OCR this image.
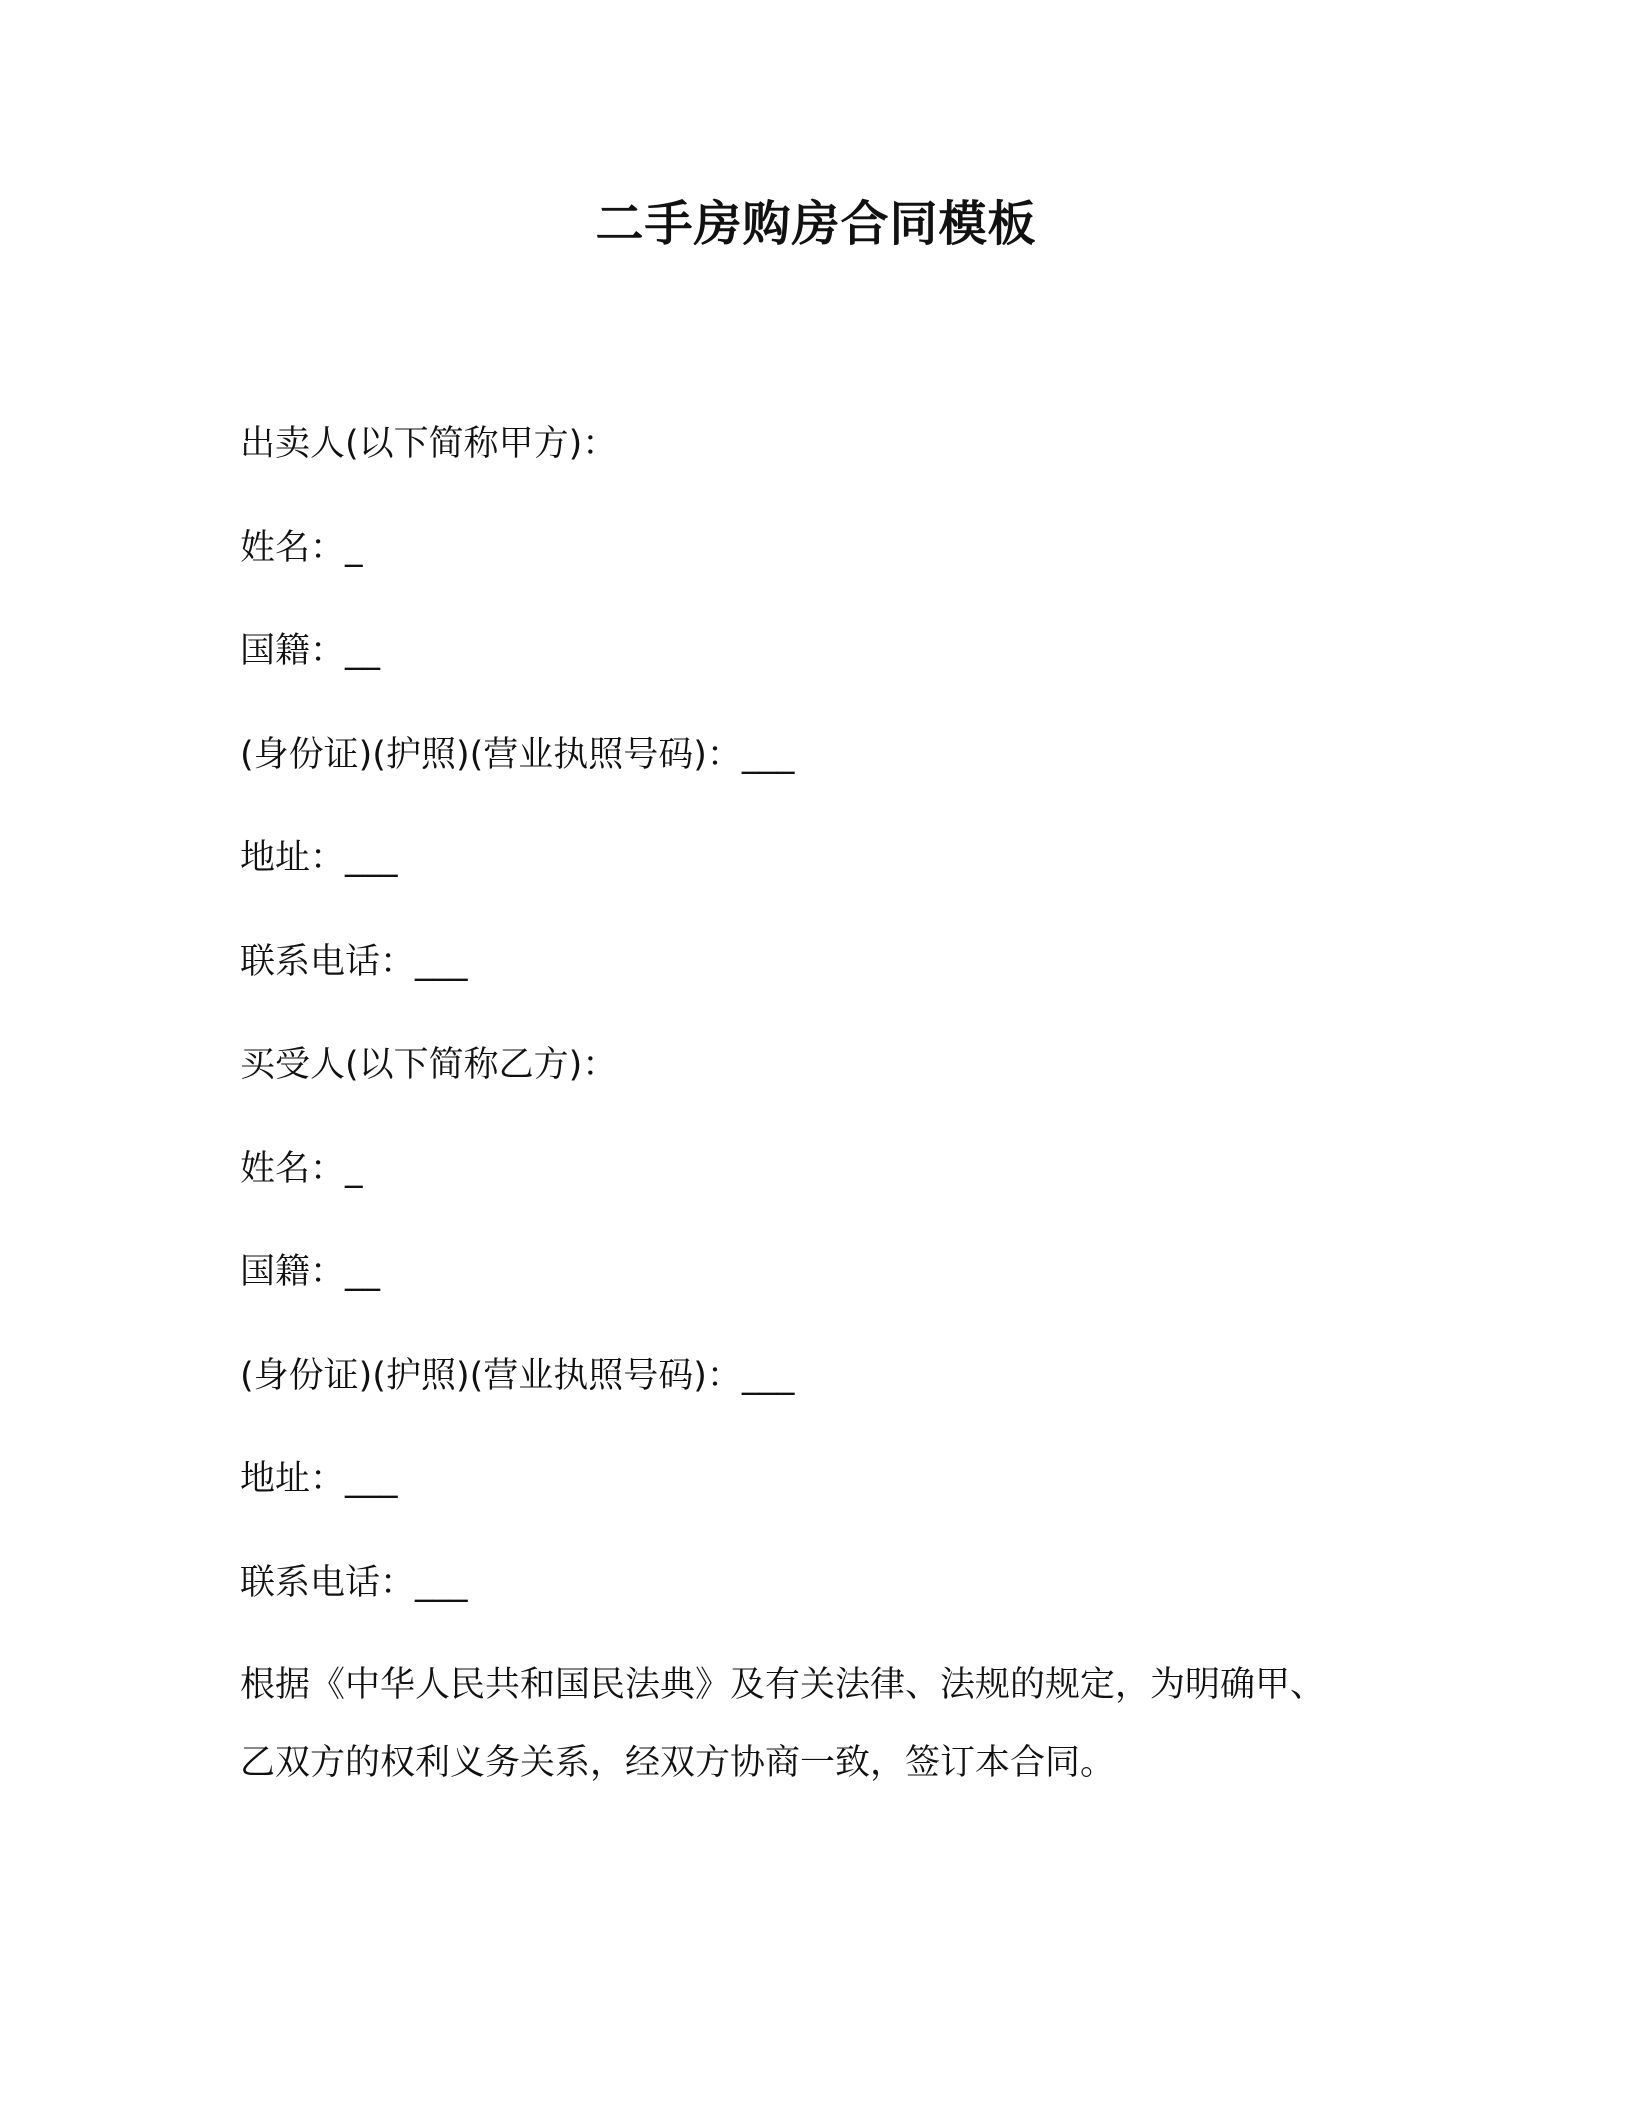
二手房购房合同模板
出卖人(以下简称甲方)：
姓名：_
国籍：__
(身份证)(护照)(营业执照号码)：___
地址：___
联系电话：___
买受人(以下简称乙方)：
姓名：_
国籍：__
(身份证)(护照)(营业执照号码)：___
地址：___
联系电话：___
根据《中华人民共和国民法典》及有关法律、法规的规定，为明确甲、
乙双方的权利义务关系，经双方协商一致，签订本合同。
